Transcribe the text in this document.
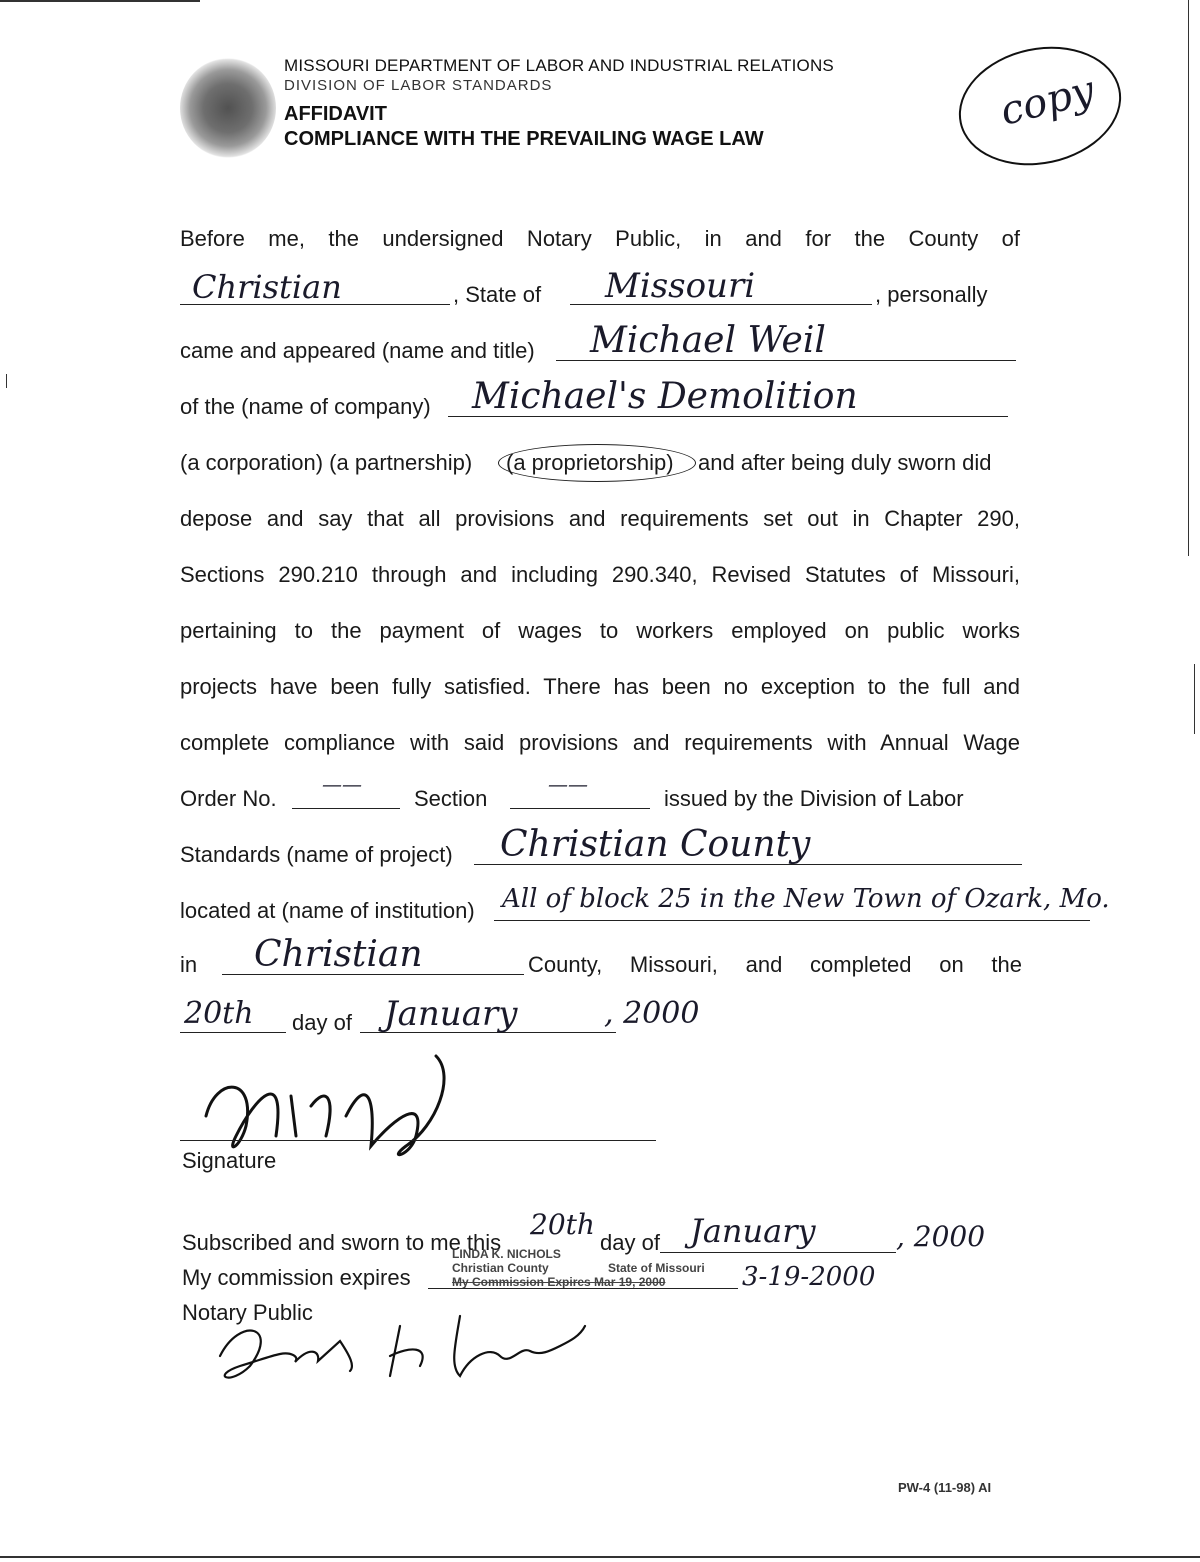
MISSOURI DEPARTMENT OF LABOR AND INDUSTRIAL RELATIONS
DIVISION OF LABOR STANDARDS
AFFIDAVIT
COMPLIANCE WITH THE PREVAILING WAGE LAW
copy
Before me, the undersigned Notary Public, in and for the County of
Christian	, State of Missouri	, personally
came and appeared (name and title) Michael Weil
of the (name of company) Michael's Demolition
(a corporation) (a partnership) (a proprietorship) and after being duly sworn did
depose and say that all provisions and requirements set out in Chapter 290,
Sections 290.210 through and including 290.340, Revised Statutes of Missouri,
pertaining to the payment of wages to workers employed on public works
projects have been fully satisfied. There has been no exception to the full and
complete compliance with said provisions and requirements with Annual Wage
Order No.
——
Section
——
issued by the Division of Labor
Standards (name of project) Christian County
located at (name of institution) All of block 25 in the New Town of Ozark, Mo.
in Christian	County, Missouri, and completed on the
20th day of January	, 2000
Signature
Subscribed and sworn to me this
20th
day of January	, 2000
My commission expires
LINDA K. NICHOLS
Christian County	State of Missouri
My Commission Expires Mar 19, 2000	3-19-2000
Notary Public
PW-4 (11-98) AI
